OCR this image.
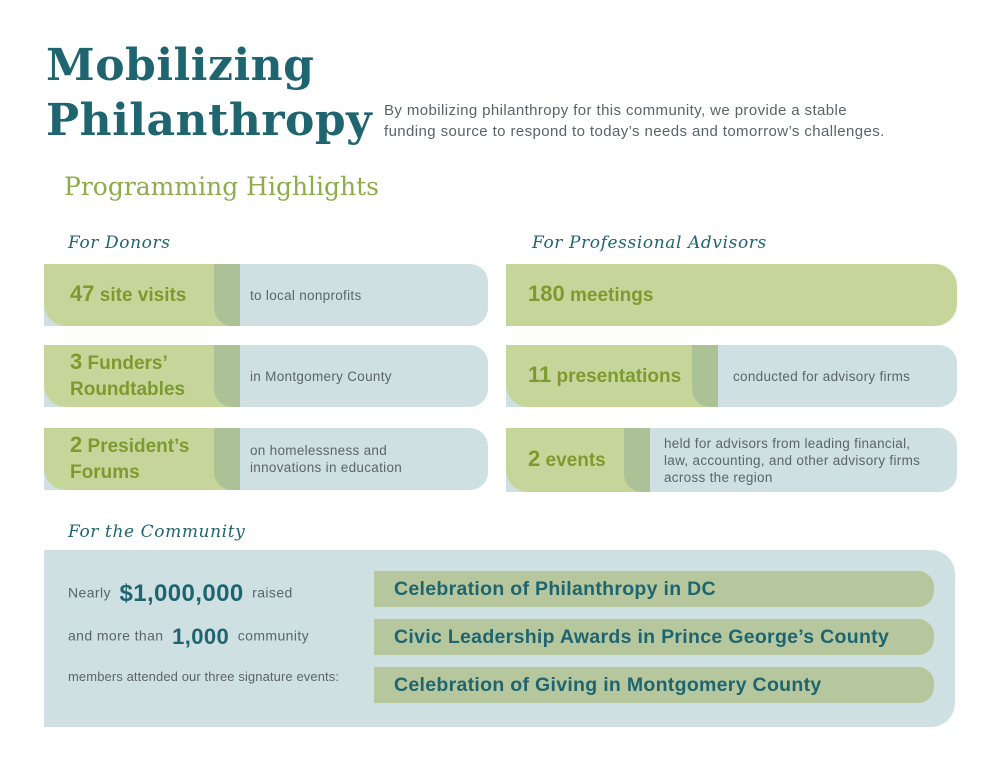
Mobilizing
Philanthropy By mobilizing philanthropy for this community, we provide a stable
funding source to respond to today’s needs and tomorrow’s challenges.
Programming Highlights
For Donors
47 site visits	to local nonprofits
3 Funders’
Roundtables
in Montgomery County
2 President’s
Forums
on homelessness and
innovations in education
For Professional Advisors
180 meetings
11 presentations	conducted for advisory firms
2 events
held for advisors from leading financial,
law, accounting, and other advisory firms
across the region
For the Community
Nearly $1,000,000 raised
and more than 1,000 community
members attended our three signature events:
Celebration of Philanthropy in DC
Civic Leadership Awards in Prince George’s County
Celebration of Giving in Montgomery County
